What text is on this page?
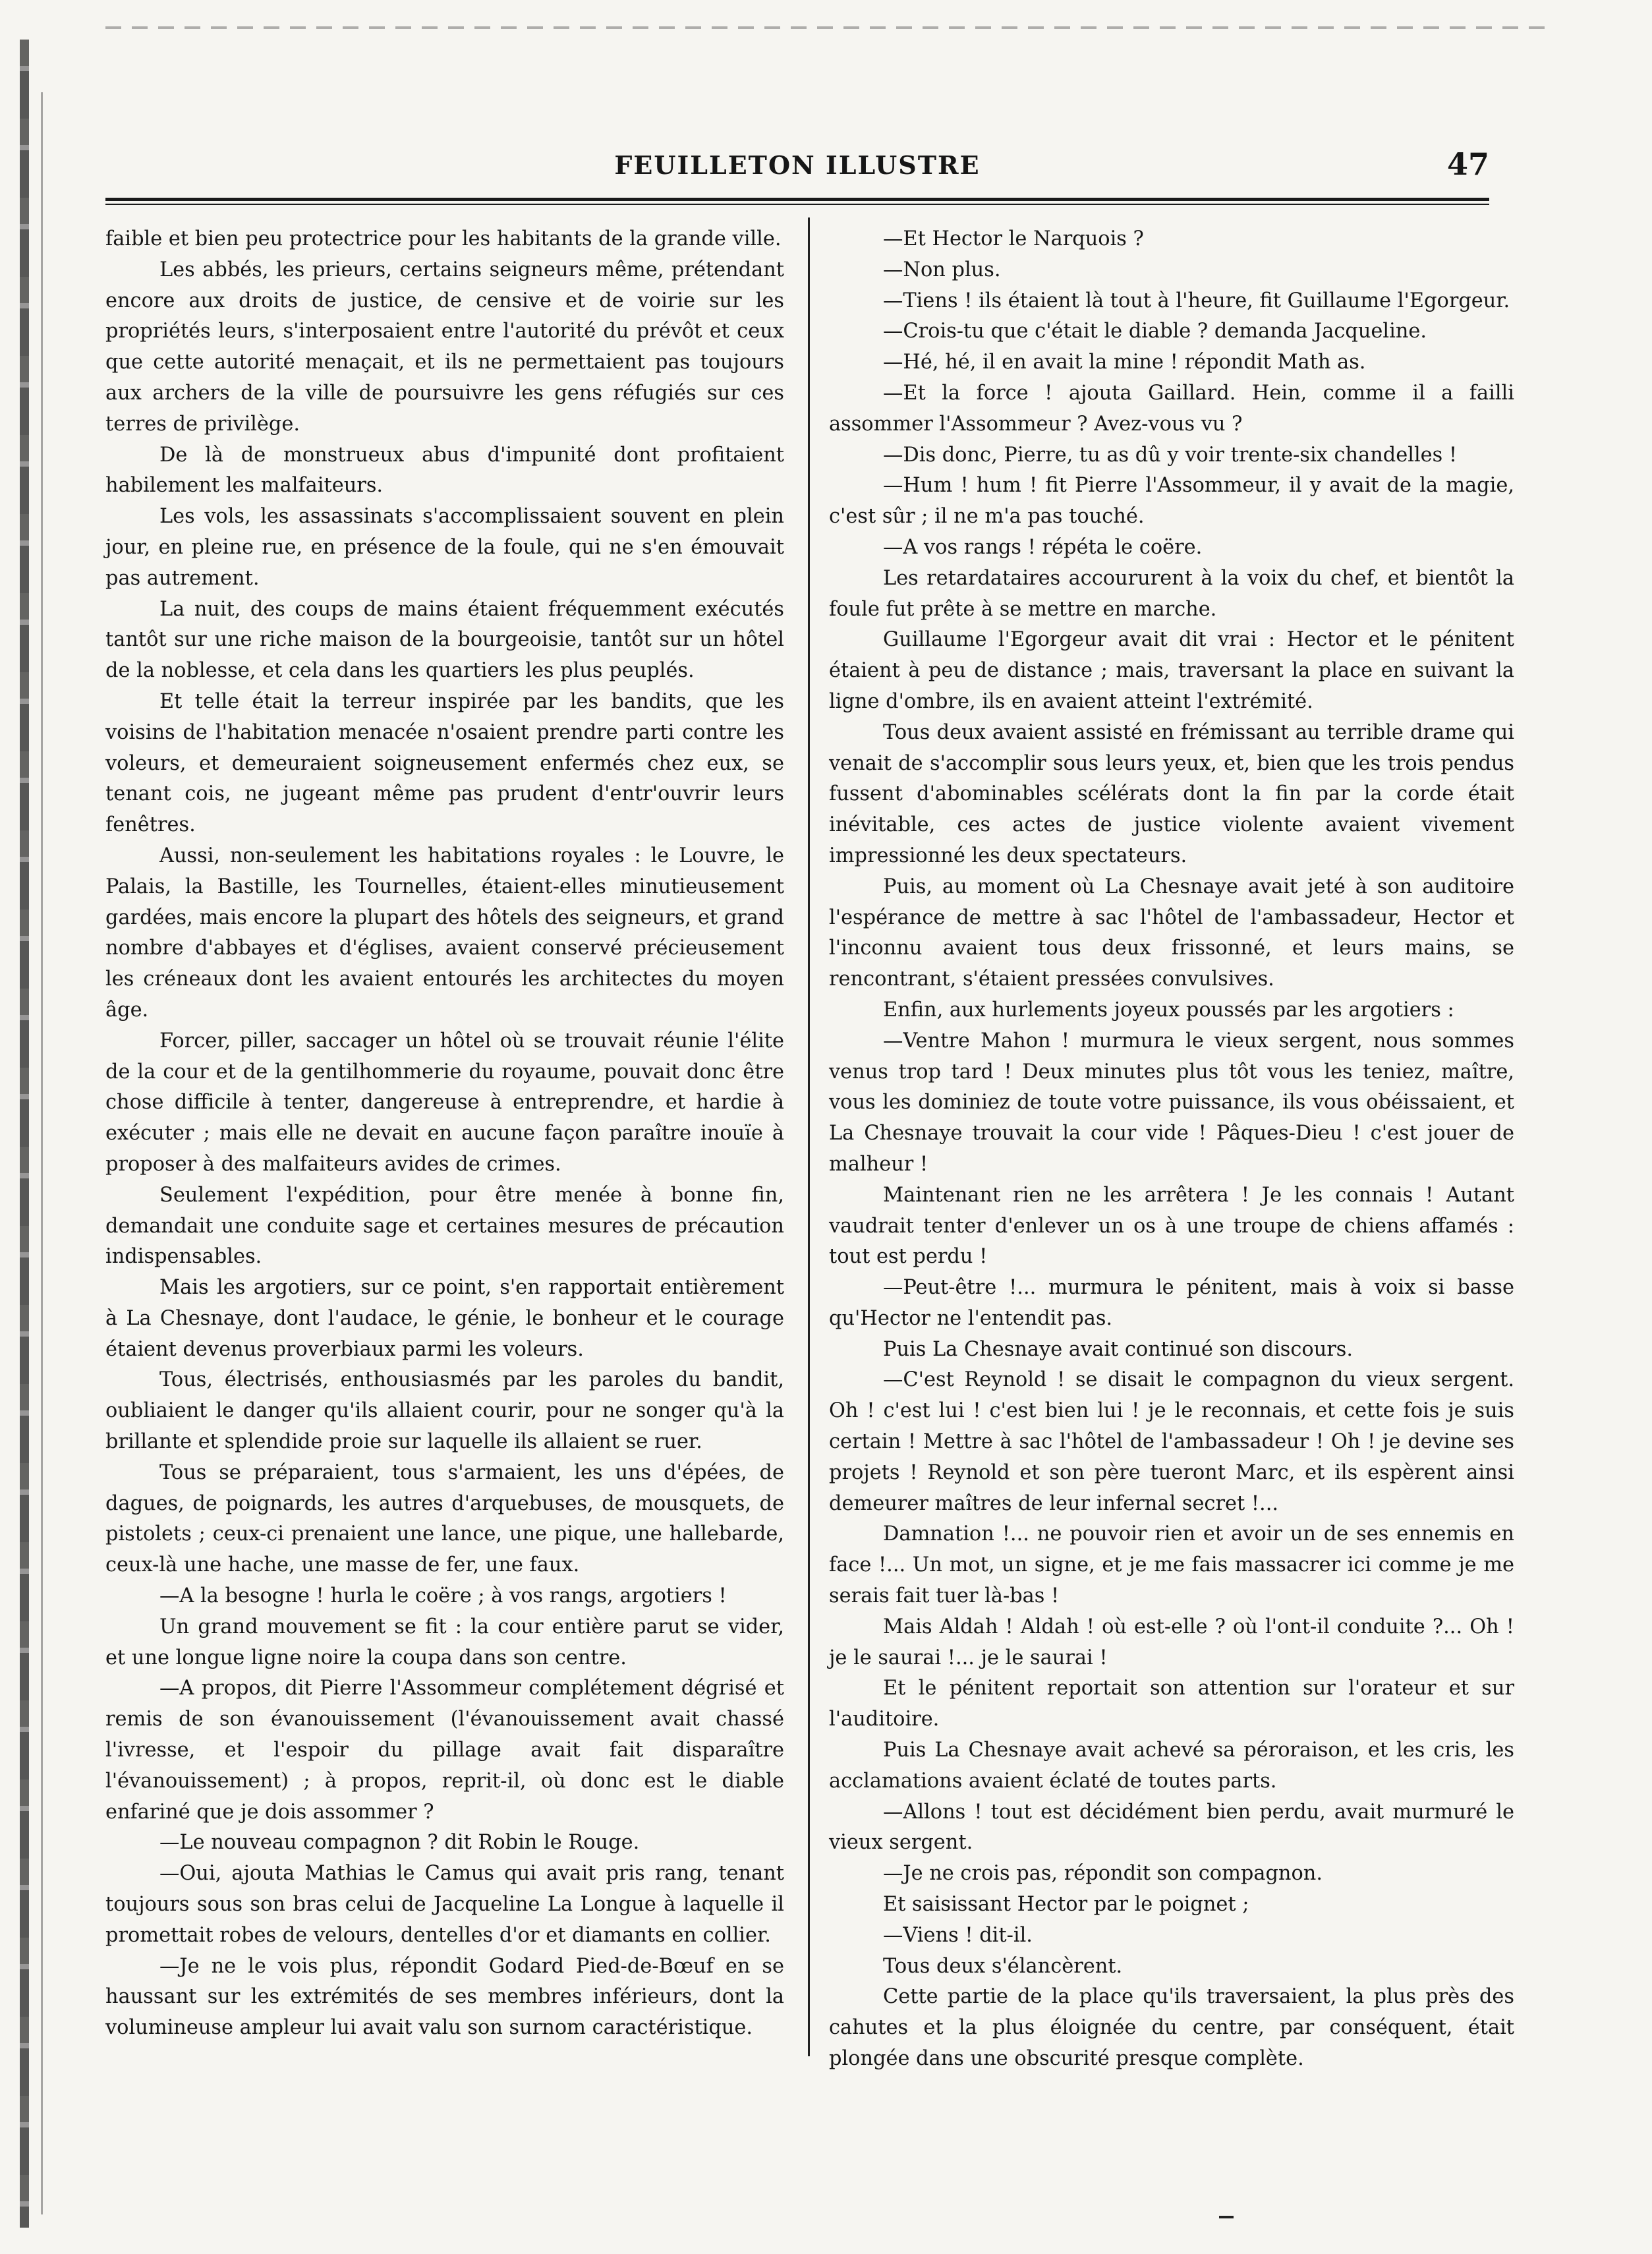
FEUILLETON ILLUSTRE	47

faible et bien peu protectrice pour les habitants de la grande ville.

Les abbés, les prieurs, certains seigneurs même, prétendant encore aux droits de justice, de censive et de voirie sur les propriétés leurs, s'interposaient entre l'autorité du prévôt et ceux que cette autorité menaçait, et ils ne permettaient pas toujours aux archers de la ville de poursuivre les gens réfugiés sur ces terres de privilège.

De là de monstrueux abus d'impunité dont profitaient habilement les malfaiteurs.

Les vols, les assassinats s'accomplissaient souvent en plein jour, en pleine rue, en présence de la foule, qui ne s'en émouvait pas autrement.

La nuit, des coups de mains étaient fréquemment exécutés tantôt sur une riche maison de la bourgeoisie, tantôt sur un hôtel de la noblesse, et cela dans les quartiers les plus peuplés.

Et telle était la terreur inspirée par les bandits, que les voisins de l'habitation menacée n'osaient prendre parti contre les voleurs, et demeuraient soigneusement enfermés chez eux, se tenant cois, ne jugeant même pas prudent d'entr'ouvrir leurs fenêtres.

Aussi, non-seulement les habitations royales : le Louvre, le Palais, la Bastille, les Tournelles, étaient-elles minutieusement gardées, mais encore la plupart des hôtels des seigneurs, et grand nombre d'abbayes et d'églises, avaient conservé précieusement les créneaux dont les avaient entourés les architectes du moyen âge.

Forcer, piller, saccager un hôtel où se trouvait réunie l'élite de la cour et de la gentilhommerie du royaume, pouvait donc être chose difficile à tenter, dangereuse à entreprendre, et hardie à exécuter ; mais elle ne devait en aucune façon paraître inouïe à proposer à des malfaiteurs avides de crimes.

Seulement l'expédition, pour être menée à bonne fin, demandait une conduite sage et certaines mesures de précaution indispensables.

Mais les argotiers, sur ce point, s'en rapportait entièrement à La Chesnaye, dont l'audace, le génie, le bonheur et le courage étaient devenus proverbiaux parmi les voleurs.

Tous, électrisés, enthousiasmés par les paroles du bandit, oubliaient le danger qu'ils allaient courir, pour ne songer qu'à la brillante et splendide proie sur laquelle ils allaient se ruer.

Tous se préparaient, tous s'armaient, les uns d'épées, de dagues, de poignards, les autres d'arquebuses, de mousquets, de pistolets ; ceux-ci prenaient une lance, une pique, une hallebarde, ceux-là une hache, une masse de fer, une faux.

—A la besogne ! hurla le coëre ; à vos rangs, argotiers !

Un grand mouvement se fit : la cour entière parut se vider, et une longue ligne noire la coupa dans son centre.

—A propos, dit Pierre l'Assommeur complétement dégrisé et remis de son évanouissement (l'évanouissement avait chassé l'ivresse, et l'espoir du pillage avait fait disparaître l'évanouissement) ; à propos, reprit-il, où donc est le diable enfariné que je dois assommer ?

—Le nouveau compagnon ? dit Robin le Rouge.

—Oui, ajouta Mathias le Camus qui avait pris rang, tenant toujours sous son bras celui de Jacqueline La Longue à laquelle il promettait robes de velours, dentelles d'or et diamants en collier.

—Je ne le vois plus, répondit Godard Pied-de-Bœuf en se haussant sur les extrémités de ses membres inférieurs, dont la volumineuse ampleur lui avait valu son surnom caractéristique.

—Et Hector le Narquois ?

—Non plus.

—Tiens ! ils étaient là tout à l'heure, fit Guillaume l'Egorgeur.

—Crois-tu que c'était le diable ? demanda Jacqueline.

—Hé, hé, il en avait la mine ! répondit Math as.

—Et la force ! ajouta Gaillard. Hein, comme il a failli assommer l'Assommeur ? Avez-vous vu ?

—Dis donc, Pierre, tu as dû y voir trente-six chandelles !

—Hum ! hum ! fit Pierre l'Assommeur, il y avait de la magie, c'est sûr ; il ne m'a pas touché.

—A vos rangs ! répéta le coëre.

Les retardataires accoururent à la voix du chef, et bientôt la foule fut prête à se mettre en marche.

Guillaume l'Egorgeur avait dit vrai : Hector et le pénitent étaient à peu de distance ; mais, traversant la place en suivant la ligne d'ombre, ils en avaient atteint l'extrémité.

Tous deux avaient assisté en frémissant au terrible drame qui venait de s'accomplir sous leurs yeux, et, bien que les trois pendus fussent d'abominables scélérats dont la fin par la corde était inévitable, ces actes de justice violente avaient vivement impressionné les deux spectateurs.

Puis, au moment où La Chesnaye avait jeté à son auditoire l'espérance de mettre à sac l'hôtel de l'ambassadeur, Hector et l'inconnu avaient tous deux frissonné, et leurs mains, se rencontrant, s'étaient pressées convulsives.

Enfin, aux hurlements joyeux poussés par les argotiers :

—Ventre Mahon ! murmura le vieux sergent, nous sommes venus trop tard ! Deux minutes plus tôt vous les teniez, maître, vous les dominiez de toute votre puissance, ils vous obéissaient, et La Chesnaye trouvait la cour vide ! Pâques-Dieu ! c'est jouer de malheur !

Maintenant rien ne les arrêtera ! Je les connais ! Autant vaudrait tenter d'enlever un os à une troupe de chiens affamés : tout est perdu !

—Peut-être !... murmura le pénitent, mais à voix si basse qu'Hector ne l'entendit pas.

Puis La Chesnaye avait continué son discours.

—C'est Reynold ! se disait le compagnon du vieux sergent. Oh ! c'est lui ! c'est bien lui ! je le reconnais, et cette fois je suis certain ! Mettre à sac l'hôtel de l'ambassadeur ! Oh ! je devine ses projets ! Reynold et son père tueront Marc, et ils espèrent ainsi demeurer maîtres de leur infernal secret !...

Damnation !... ne pouvoir rien et avoir un de ses ennemis en face !... Un mot, un signe, et je me fais massacrer ici comme je me serais fait tuer là-bas !

Mais Aldah ! Aldah ! où est-elle ? où l'ont-il conduite ?... Oh ! je le saurai !... je le saurai !

Et le pénitent reportait son attention sur l'orateur et sur l'auditoire.

Puis La Chesnaye avait achevé sa péroraison, et les cris, les acclamations avaient éclaté de toutes parts.

—Allons ! tout est décidément bien perdu, avait murmuré le vieux sergent.

—Je ne crois pas, répondit son compagnon.

Et saisissant Hector par le poignet ;

—Viens ! dit-il.

Tous deux s'élancèrent.

Cette partie de la place qu'ils traversaient, la plus près des cahutes et la plus éloignée du centre, par conséquent, était plongée dans une obscurité presque complète.
